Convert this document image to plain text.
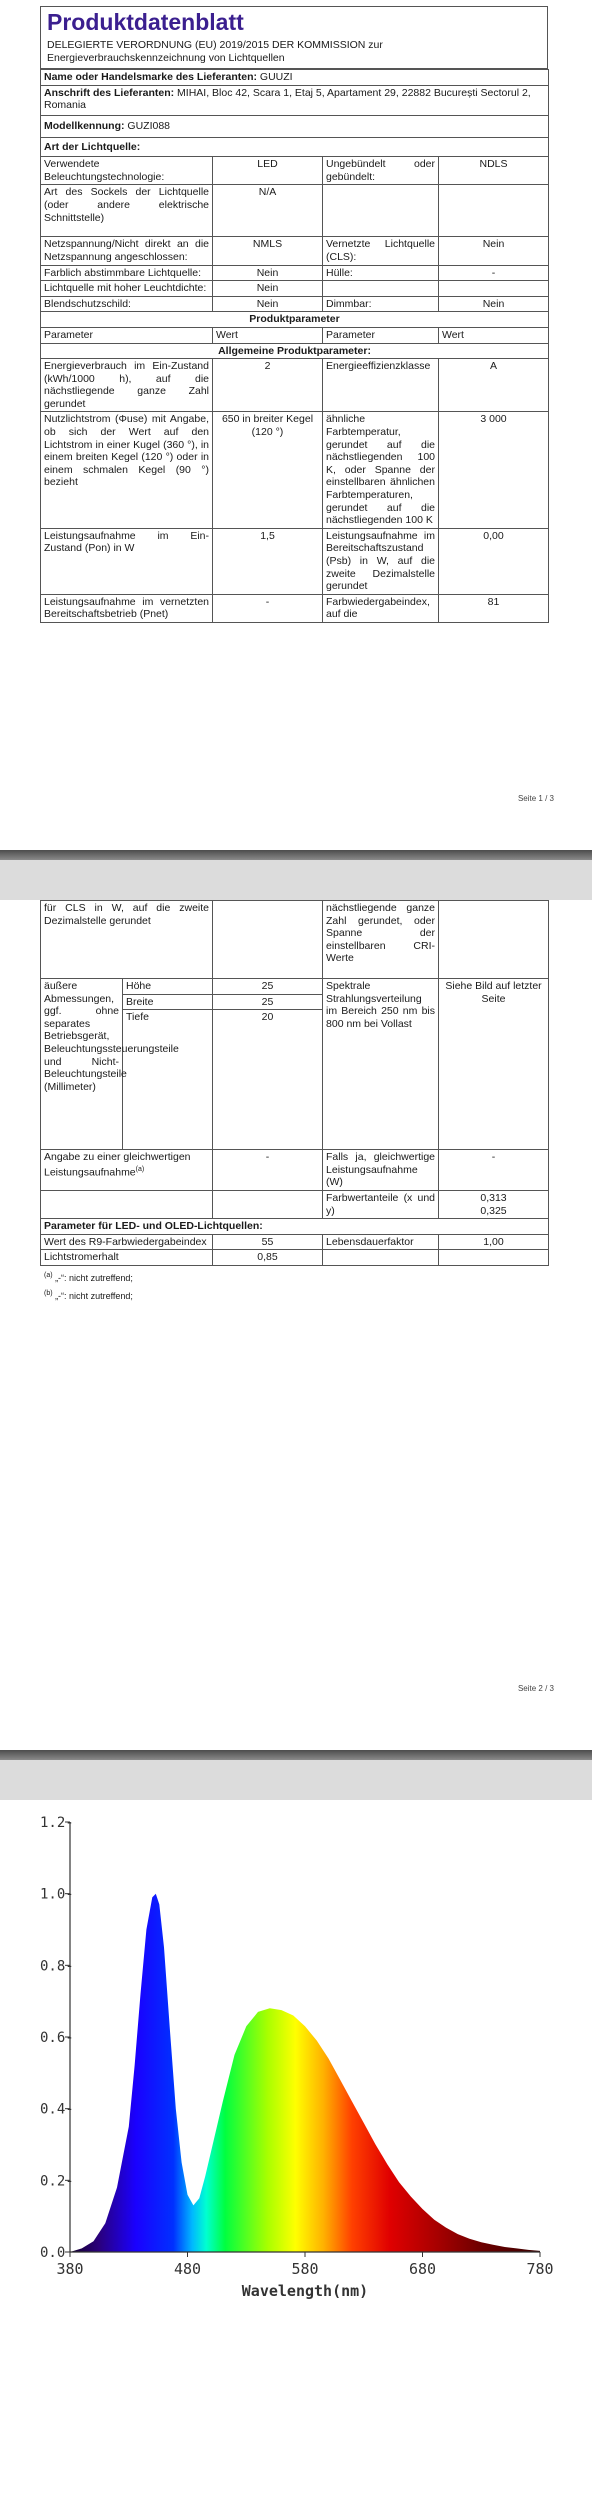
Produktdatenblatt
DELEGIERTE VERORDNUNG (EU) 2019/2015 DER KOMMISSION zur Energieverbrauchskennzeichnung von Lichtquellen
Name oder Handelsmarke des Lieferanten: GUUZI			
Anschrift des Lieferanten: MIHAI, Bloc 42, Scara 1, Etaj 5, Apartament 29, 22882 București Sectorul 2, Romania			
Modellkennung: GUZI088			
Art der Lichtquelle:			
Verwendete Beleuchtungstechnologie:	LED	Ungebündelt oder gebündelt:	NDLS
Art des Sockels der Lichtquelle (oder andere elektrische Schnittstelle)	N/A		
Netzspannung/Nicht direkt an die Netzspannung angeschlossen:	NMLS	Vernetzte Lichtquelle (CLS):	Nein
Farblich abstimmbare Lichtquelle:	Nein	Hülle:	-
Lichtquelle mit hoher Leuchtdichte:	Nein		
Blendschutzschild:	Nein	Dimmbar:	Nein
Produktparameter			
Parameter	Wert	Parameter	Wert
Allgemeine Produktparameter:			
Energieverbrauch im Ein-Zustand (kWh/1000 h), auf die nächstliegende ganze Zahl gerundet	2	Energieeffizienzklasse	A
Nutzlichtstrom (Φuse) mit Angabe, ob sich der Wert auf den Lichtstrom in einer Kugel (360 °), in einem breiten Kegel (120 °) oder in einem schmalen Kegel (90 °) bezieht	650 in breiter Kegel (120 °)	ähnliche Farbtemperatur, gerundet auf die nächstliegenden 100 K, oder Spanne der einstellbaren ähnlichen Farbtemperaturen, gerundet auf die nächstliegenden 100 K	3 000
Leistungsaufnahme im Ein-Zustand (Pon) in W	1,5	Leistungsaufnahme im Bereitschaftszustand (Psb) in W, auf die zweite Dezimalstelle gerundet	0,00
Leistungsaufnahme im vernetzten Bereitschaftsbetrieb (Pnet)	-	Farbwiedergabeindex, auf die	81
Seite 1 / 3
für CLS in W, auf die zweite Dezimalstelle gerundet			nächstliegende ganze Zahl gerundet, oder Spanne der einstellbaren CRI-Werte	
äußere Abmessungen, ggf. ohne separates Betriebsgerät, Beleuchtungssteuerungsteile und Nicht-Beleuchtungsteile (Millimeter)	Höhe	25	Spektrale Strahlungsverteilung im Bereich 250 nm bis 800 nm bei Vollast	Siehe Bild auf letzter Seite
	Breite	25		
	Tiefe	20		
Angabe zu einer gleichwertigen Leistungsaufnahme$^{(a)}$		-	Falls ja, gleichwertige Leistungsaufnahme (W)	-
			Farbwertanteile (x und y)	0,313
0,325

Parameter für LED- und OLED-Lichtquellen:				
Wert des R9-Farbwiedergabeindex		55	Lebensdauerfaktor	1,00
Lichtstromerhalt		0,85		
$^{(a)}$ „-“: nicht zutreffend;
$^{(b)}$ „-“: nicht zutreffend;
Seite 2 / 3
0.0
0.2-
0.4-
0.6-
0.8-
1.0-
1.2-
380	480	580	680	780
Wavelength(nm)
